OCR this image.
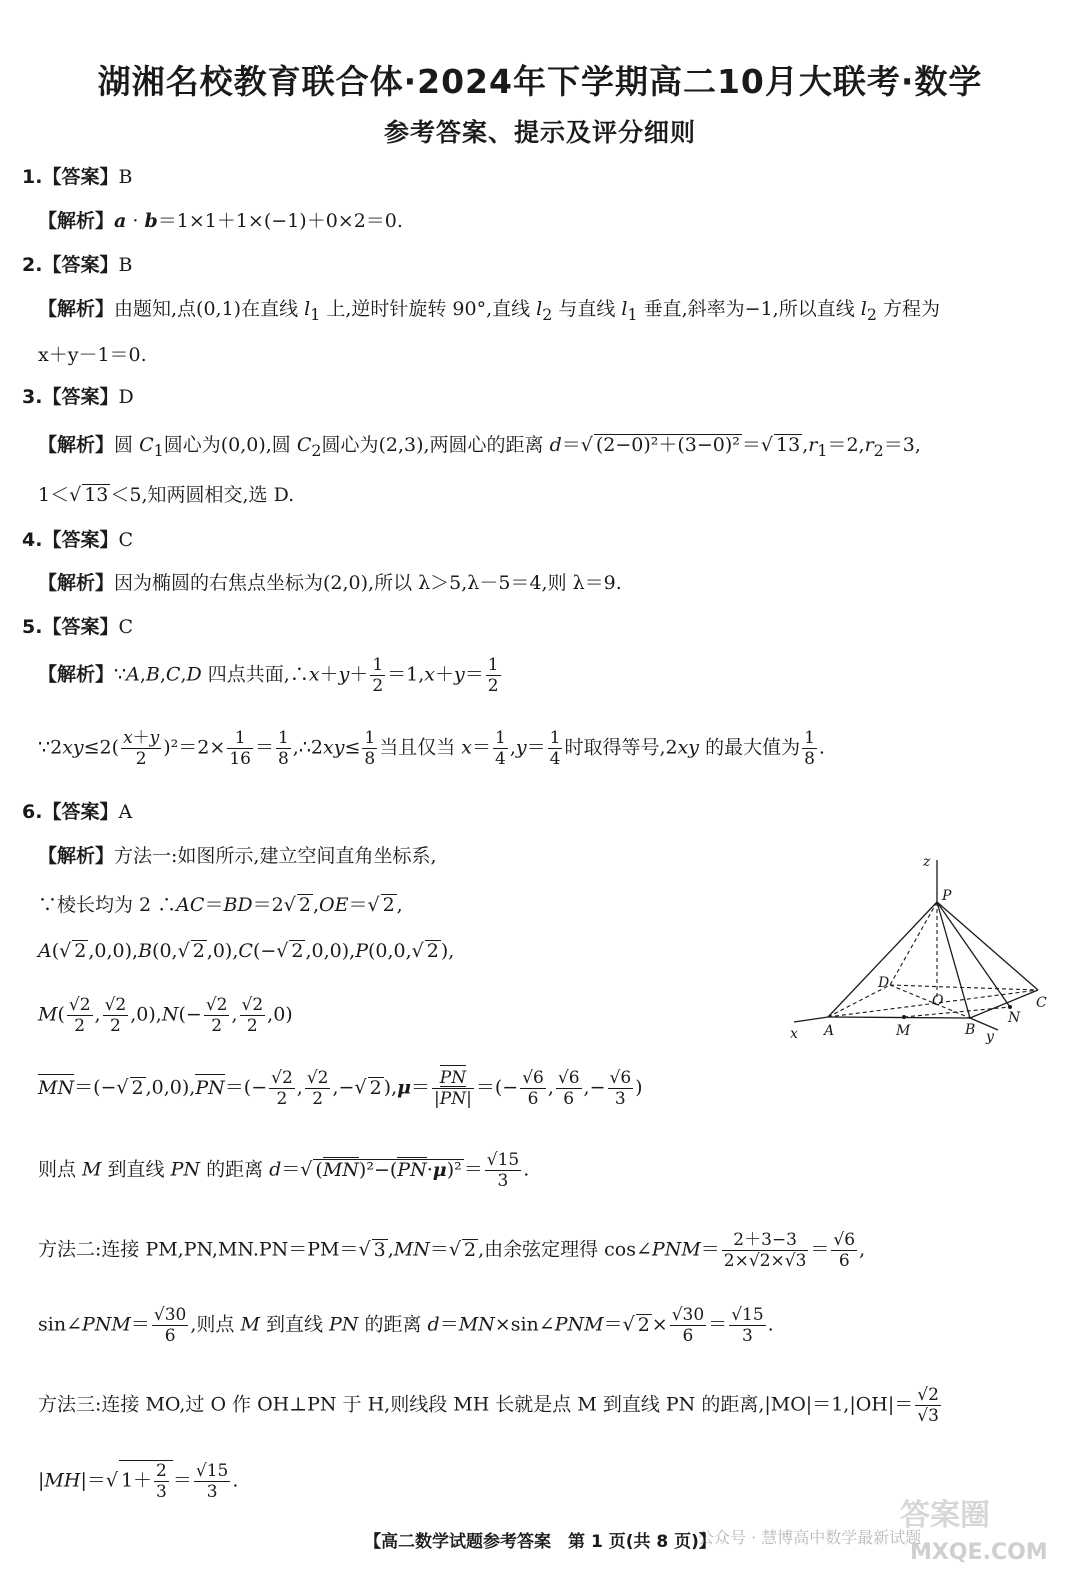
湖湘名校教育联合体·2024年下学期高二10月大联考·数学
参考答案、提示及评分细则
1.【答案】B
【解析】a · b＝1×1＋1×(−1)＋0×2＝0.
2.【答案】B
【解析】由题知,点(0,1)在直线 $l_1$ 上,逆时针旋转 90°,直线 $l_2$ 与直线 $l_1$ 垂直,斜率为−1,所以直线 $l_2$ 方程为
x＋y－1＝0.
3.【答案】D
【解析】圆 $C_1$圆心为(0,0),圆 $C_2$圆心为(2,3),两圆心的距离 d＝√ (2−0)²＋(3−0)² ＝√ 13 $,r_1=2,r_2=3$,
1＜√ 13 ＜5,知两圆相交,选 D.
4.【答案】C
【解析】因为椭圆的右焦点坐标为(2,0),所以 λ＞5,λ－5＝4,则 λ＝9.
5.【答案】C
【解析】∵A,B,C,D 四点共面,∴x＋y＋ $\frac{1}{2} =1,x+y= \frac{1}{2}$
∵2xy≤2( $\frac{x+y}{2} )^2=2\times \frac{1}{16} = \frac{1}{8}$ ,∴2xy≤ $\frac{1}{8}$ 当且仅当 $x= \frac{1}{4} ,y= \frac{1}{4}$ 时取得等号,2xy 的最大值为 $\frac{1}{8}$ .
6.【答案】A
【解析】方法一:如图所示,建立空间直角坐标系,
∵棱长均为 2 ∴AC＝BD＝2√ 2 ,OE＝√ 2 ,
A(√ 2 ,0,0),B(0,√ 2 ,0),C(−√ 2 ,0,0),P(0,0,√ 2 ),
$M( \frac{√2}{2}$ , $\frac{√2}{2} ,0),N(- \frac{√2}{2}$ , $\frac{√2}{2} ,0$)
MN＝(−√ 2 $,0,0),PN=(- \frac{√2}{2}$ , $\frac{√2}{2}$ ,−√ 2 )$,\mu= \frac{PN}{|PN|}$ ＝(− $\frac{√6}{6}$ , $\frac{√6}{6}$ ,− $\frac{√6}{3}$ )
则点 M 到直线 PN 的距离 d＝√ $(MN)^2-(PN\cdot\mu)^2 = \frac{√15}{3}$ .
方法二:连接 PM,PN,MN.PN＝PM＝√ 3 ,MN＝√ 2 ,由余弦定理得 cos∠PNM＝ $\frac{2+3-3}{2\times√2\times√3} = \frac{√6}{6}$ ,
sin∠PNM＝ $\frac{√30}{6}$ ,则点 M 到直线 PN 的距离 d＝MN×sin∠PNM＝√ $2 \times \frac{√30}{6} = \frac{√15}{3}$ .
方法三:连接 MO,过 O 作 OH⊥PN 于 H,则线段 MH 长就是点 M 到直线 PN 的距离$,|MO|=1,|OH|= \frac{√2}{√3}$
|MH|＝√ $1+ \frac{2}{3} = \frac{√15}{3}$ .
z
P
D
O	C
N
x A	M	B y
公众号 · 慧博高中数学最新试题
答案圈
MXQE.COM
【高二数学试题参考答案　第 1 页(共 8 页)】
